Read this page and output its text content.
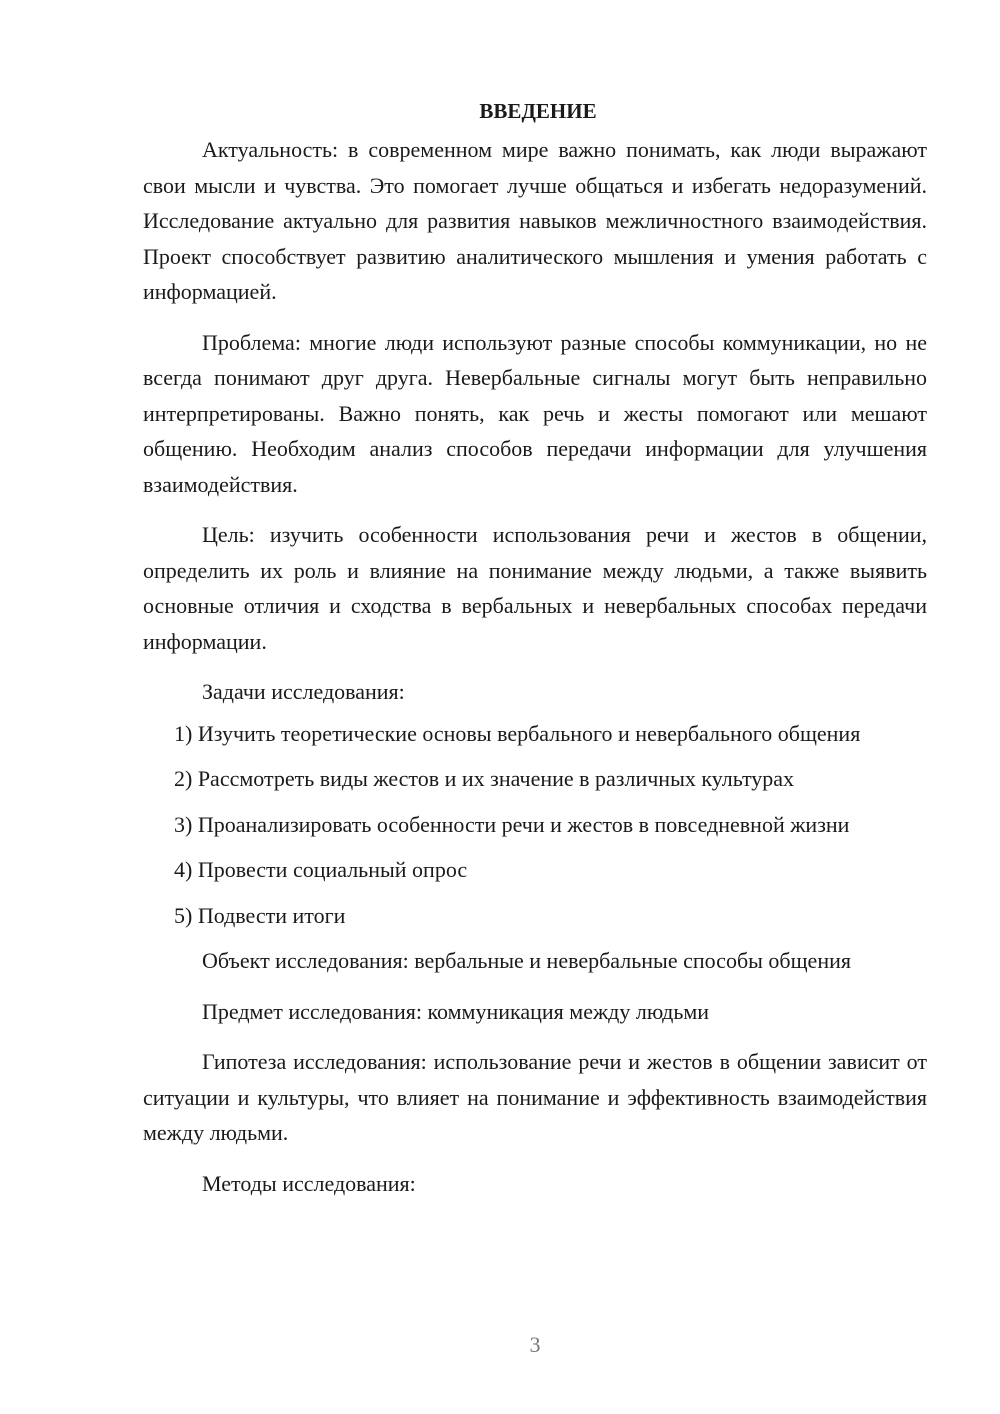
ВВЕДЕНИЕ

Актуальность: в современном мире важно понимать, как люди выражают свои мысли и чувства. Это помогает лучше общаться и избегать недоразумений. Исследование актуально для развития навыков межличностного взаимодействия. Проект способствует развитию аналитического мышления и умения работать с информацией.

Проблема: многие люди используют разные способы коммуникации, но не всегда понимают друг друга. Невербальные сигналы могут быть неправильно интерпретированы. Важно понять, как речь и жесты помогают или мешают общению. Необходим анализ способов передачи информации для улучшения взаимодействия.

Цель: изучить особенности использования речи и жестов в общении, определить их роль и влияние на понимание между людьми, а также выявить основные отличия и сходства в вербальных и невербальных способах передачи информации.

Задачи исследования:

1) Изучить теоретические основы вербального и невербального общения

2) Рассмотреть виды жестов и их значение в различных культурах

3) Проанализировать особенности речи и жестов в повседневной жизни

4) Провести социальный опрос

5) Подвести итоги

Объект исследования: вербальные и невербальные способы общения

Предмет исследования: коммуникация между людьми

Гипотеза исследования: использование речи и жестов в общении зависит от ситуации и культуры, что влияет на понимание и эффективность взаимодействия между людьми.

Методы исследования:

3
